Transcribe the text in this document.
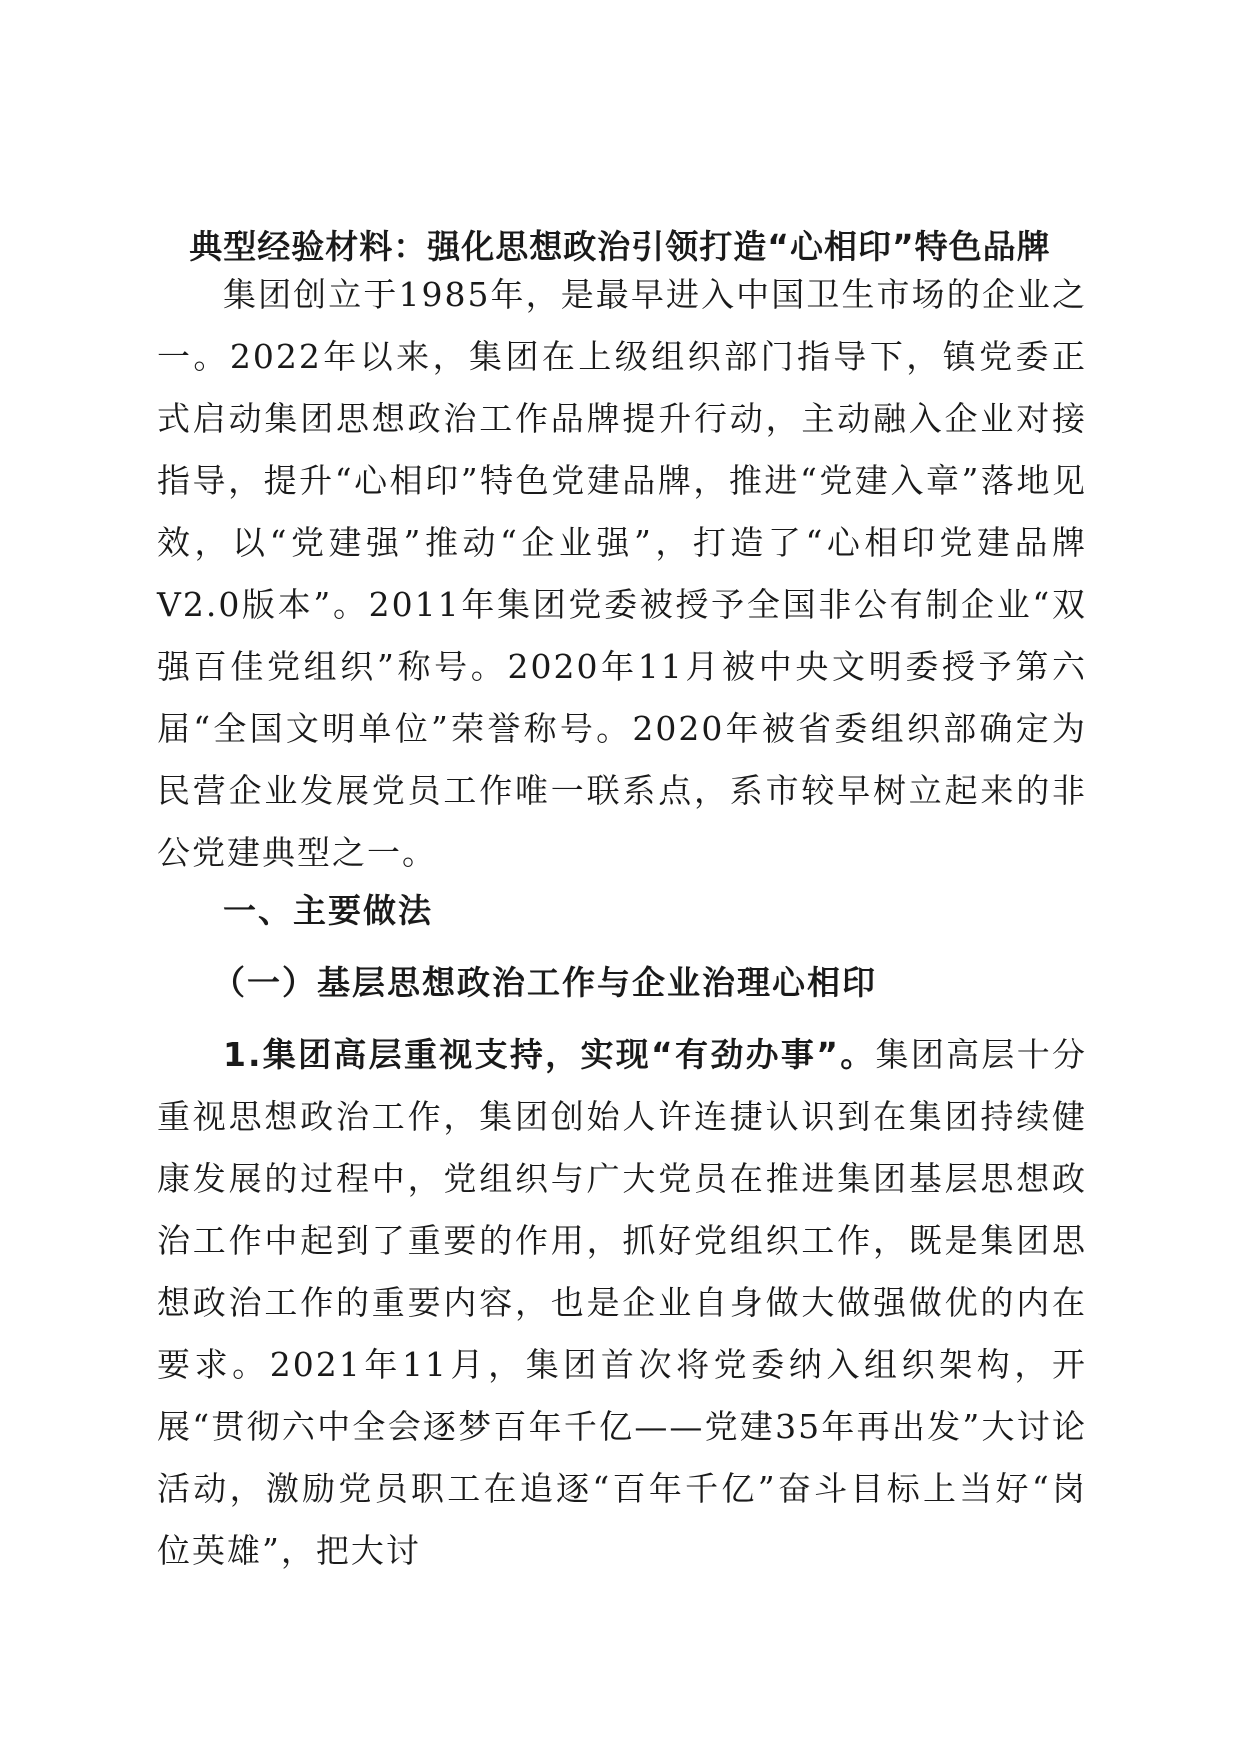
典型经验材料：强化思想政治引领打造“心相印”特色品牌

集团创立于1985年，是最早进入中国卫生市场的企业之一。2022年以来，集团在上级组织部门指导下，镇党委正式启动集团思想政治工作品牌提升行动，主动融入企业对接指导，提升“心相印”特色党建品牌，推进“党建入章”落地见效，以“党建强”推动“企业强”，打造了“心相印党建品牌V2.0版本”。2011年集团党委被授予全国非公有制企业“双强百佳党组织”称号。2020年11月被中央文明委授予第六届“全国文明单位”荣誉称号。2020年被省委组织部确定为民营企业发展党员工作唯一联系点，系市较早树立起来的非公党建典型之一。

一、主要做法
（一）基层思想政治工作与企业治理心相印

1.集团高层重视支持，实现“有劲办事”。集团高层十分重视思想政治工作，集团创始人许连捷认识到在集团持续健康发展的过程中，党组织与广大党员在推进集团基层思想政治工作中起到了重要的作用，抓好党组织工作，既是集团思想政治工作的重要内容，也是企业自身做大做强做优的内在要求。2021年11月，集团首次将党委纳入组织架构，开展“贯彻六中全会逐梦百年千亿——党建35年再出发”大讨论活动，激励党员职工在追逐“百年千亿”奋斗目标上当好“岗位英雄”，把大讨
